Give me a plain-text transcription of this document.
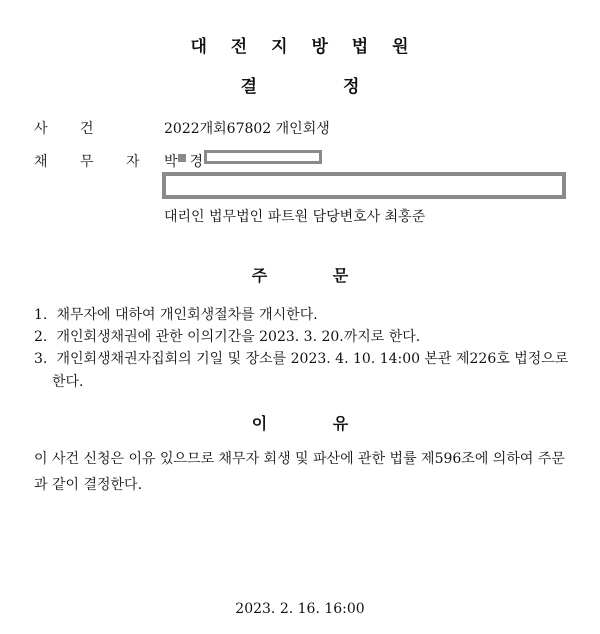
대 전 지 방 법 원
결 정
사 건	2022개회67802 개인회생
채 무 자 박 경
대리인 법무법인 파트원 담당변호사 최홍준
주 문
1. 채무자에 대하여 개인회생절차를 개시한다.
2. 개인회생채권에 관한 이의기간을 2023. 3. 20.까지로 한다.
3. 개인회생채권자집회의 기일 및 장소를 2023. 4. 10. 14:00 본관 제226호 법정으로
한다.
이 유
이 사건 신청은 이유 있으므로 채무자 회생 및 파산에 관한 법률 제596조에 의하여 주문과 같이 결정한다.
2023. 2. 16. 16:00
